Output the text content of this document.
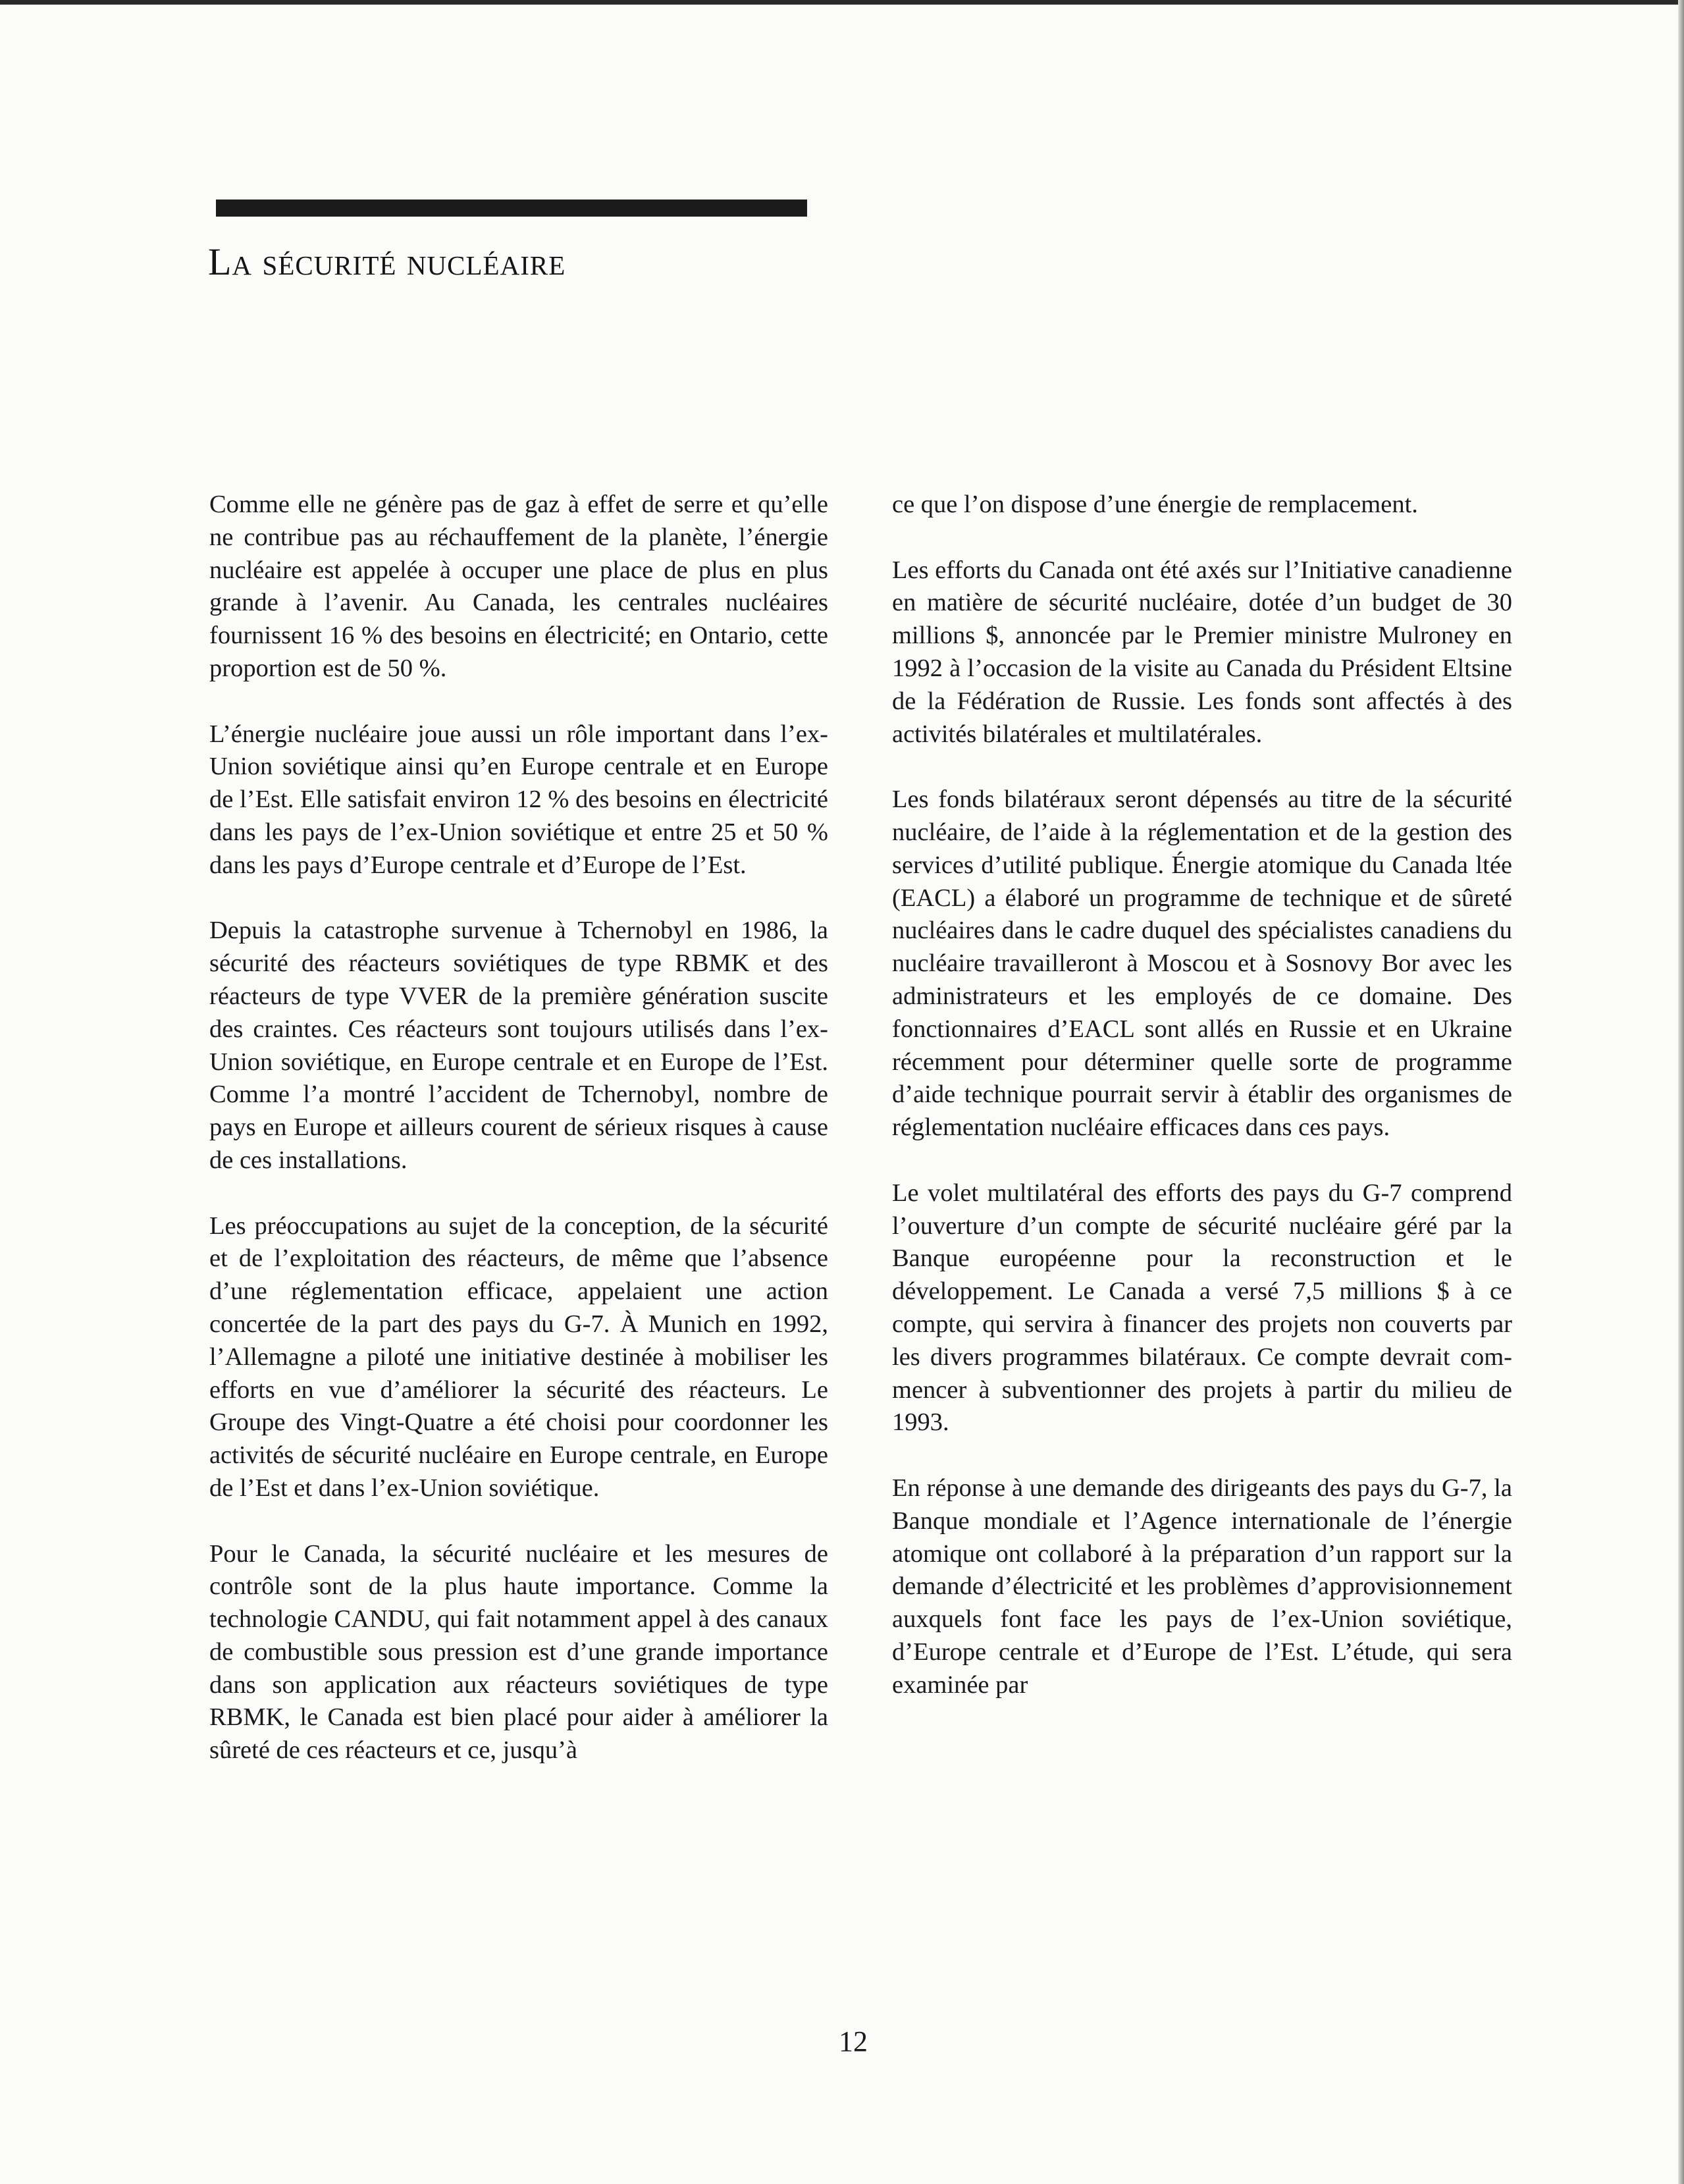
La sécurité nucléaire

Comme elle ne génère pas de gaz à effet de serre et qu’elle ne contribue pas au réchauffement de la planète, l’énergie nucléaire est appelée à occuper une place de plus en plus grande à l’avenir. Au Canada, les centrales nucléaires fournissent 16 % des besoins en électricité; en Ontario, cette proportion est de 50 %.

L’énergie nucléaire joue aussi un rôle important dans l’ex-Union soviétique ainsi qu’en Europe centrale et en Europe de l’Est. Elle satisfait environ 12 % des besoins en électricité dans les pays de l’ex-Union soviétique et entre 25 et 50 % dans les pays d’Europe centrale et d’Europe de l’Est.

Depuis la catastrophe survenue à Tchernobyl en 1986, la sécurité des réacteurs soviétiques de type RBMK et des réacteurs de type VVER de la première génération suscite des craintes. Ces réacteurs sont toujours utilisés dans l’ex-Union soviétique, en Europe centrale et en Europe de l’Est. Comme l’a montré l’accident de Tchernobyl, nombre de pays en Europe et ailleurs courent de sérieux risques à cause de ces installations.

Les préoccupations au sujet de la conception, de la sécurité et de l’exploitation des réacteurs, de même que l’absence d’une réglementation efficace, appelaient une action concertée de la part des pays du G-7. À Munich en 1992, l’Allemagne a piloté une initiative destinée à mobiliser les efforts en vue d’améliorer la sécurité des réacteurs. Le Groupe des Vingt-Quatre a été choisi pour coordonner les activités de sécurité nucléaire en Europe centrale, en Europe de l’Est et dans l’ex-Union soviétique.

Pour le Canada, la sécurité nucléaire et les mesures de contrôle sont de la plus haute importance. Comme la technologie CANDU, qui fait notamment appel à des canaux de combustible sous pression est d’une grande importance dans son application aux réacteurs soviétiques de type RBMK, le Canada est bien placé pour aider à améliorer la sûreté de ces réacteurs et ce, jusqu’à

ce que l’on dispose d’une énergie de remplacement.

Les efforts du Canada ont été axés sur l’Initiative canadienne en matière de sécurité nucléaire, dotée d’un budget de 30 millions $, annoncée par le Premier ministre Mulroney en 1992 à l’occasion de la visite au Canada du Président Eltsine de la Fédération de Russie. Les fonds sont affectés à des activités bilatérales et multilatérales.

Les fonds bilatéraux seront dépensés au titre de la sécurité nucléaire, de l’aide à la réglementation et de la gestion des services d’utilité publique. Énergie atomique du Canada ltée (EACL) a élaboré un programme de technique et de sûreté nucléaires dans le cadre duquel des spécialistes canadiens du nucléaire travailleront à Moscou et à Sosnovy Bor avec les administrateurs et les employés de ce domaine. Des fonctionnaires d’EACL sont allés en Russie et en Ukraine récemment pour déterminer quelle sorte de programme d’aide technique pourrait servir à établir des organismes de réglementation nucléaire efficaces dans ces pays.

Le volet multilatéral des efforts des pays du G-7 comprend l’ouverture d’un compte de sécurité nucléaire géré par la Banque européenne pour la reconstruction et le développement. Le Canada a versé 7,5 millions $ à ce compte, qui servira à financer des projets non couverts par les divers programmes bilatéraux. Ce compte devrait commencer à subventionner des projets à partir du milieu de 1993.

En réponse à une demande des dirigeants des pays du G-7, la Banque mondiale et l’Agence internationale de l’énergie atomique ont collaboré à la préparation d’un rapport sur la demande d’électricité et les problèmes d’approvisionnement auxquels font face les pays de l’ex-Union soviétique, d’Europe centrale et d’Europe de l’Est. L’étude, qui sera examinée par

12
